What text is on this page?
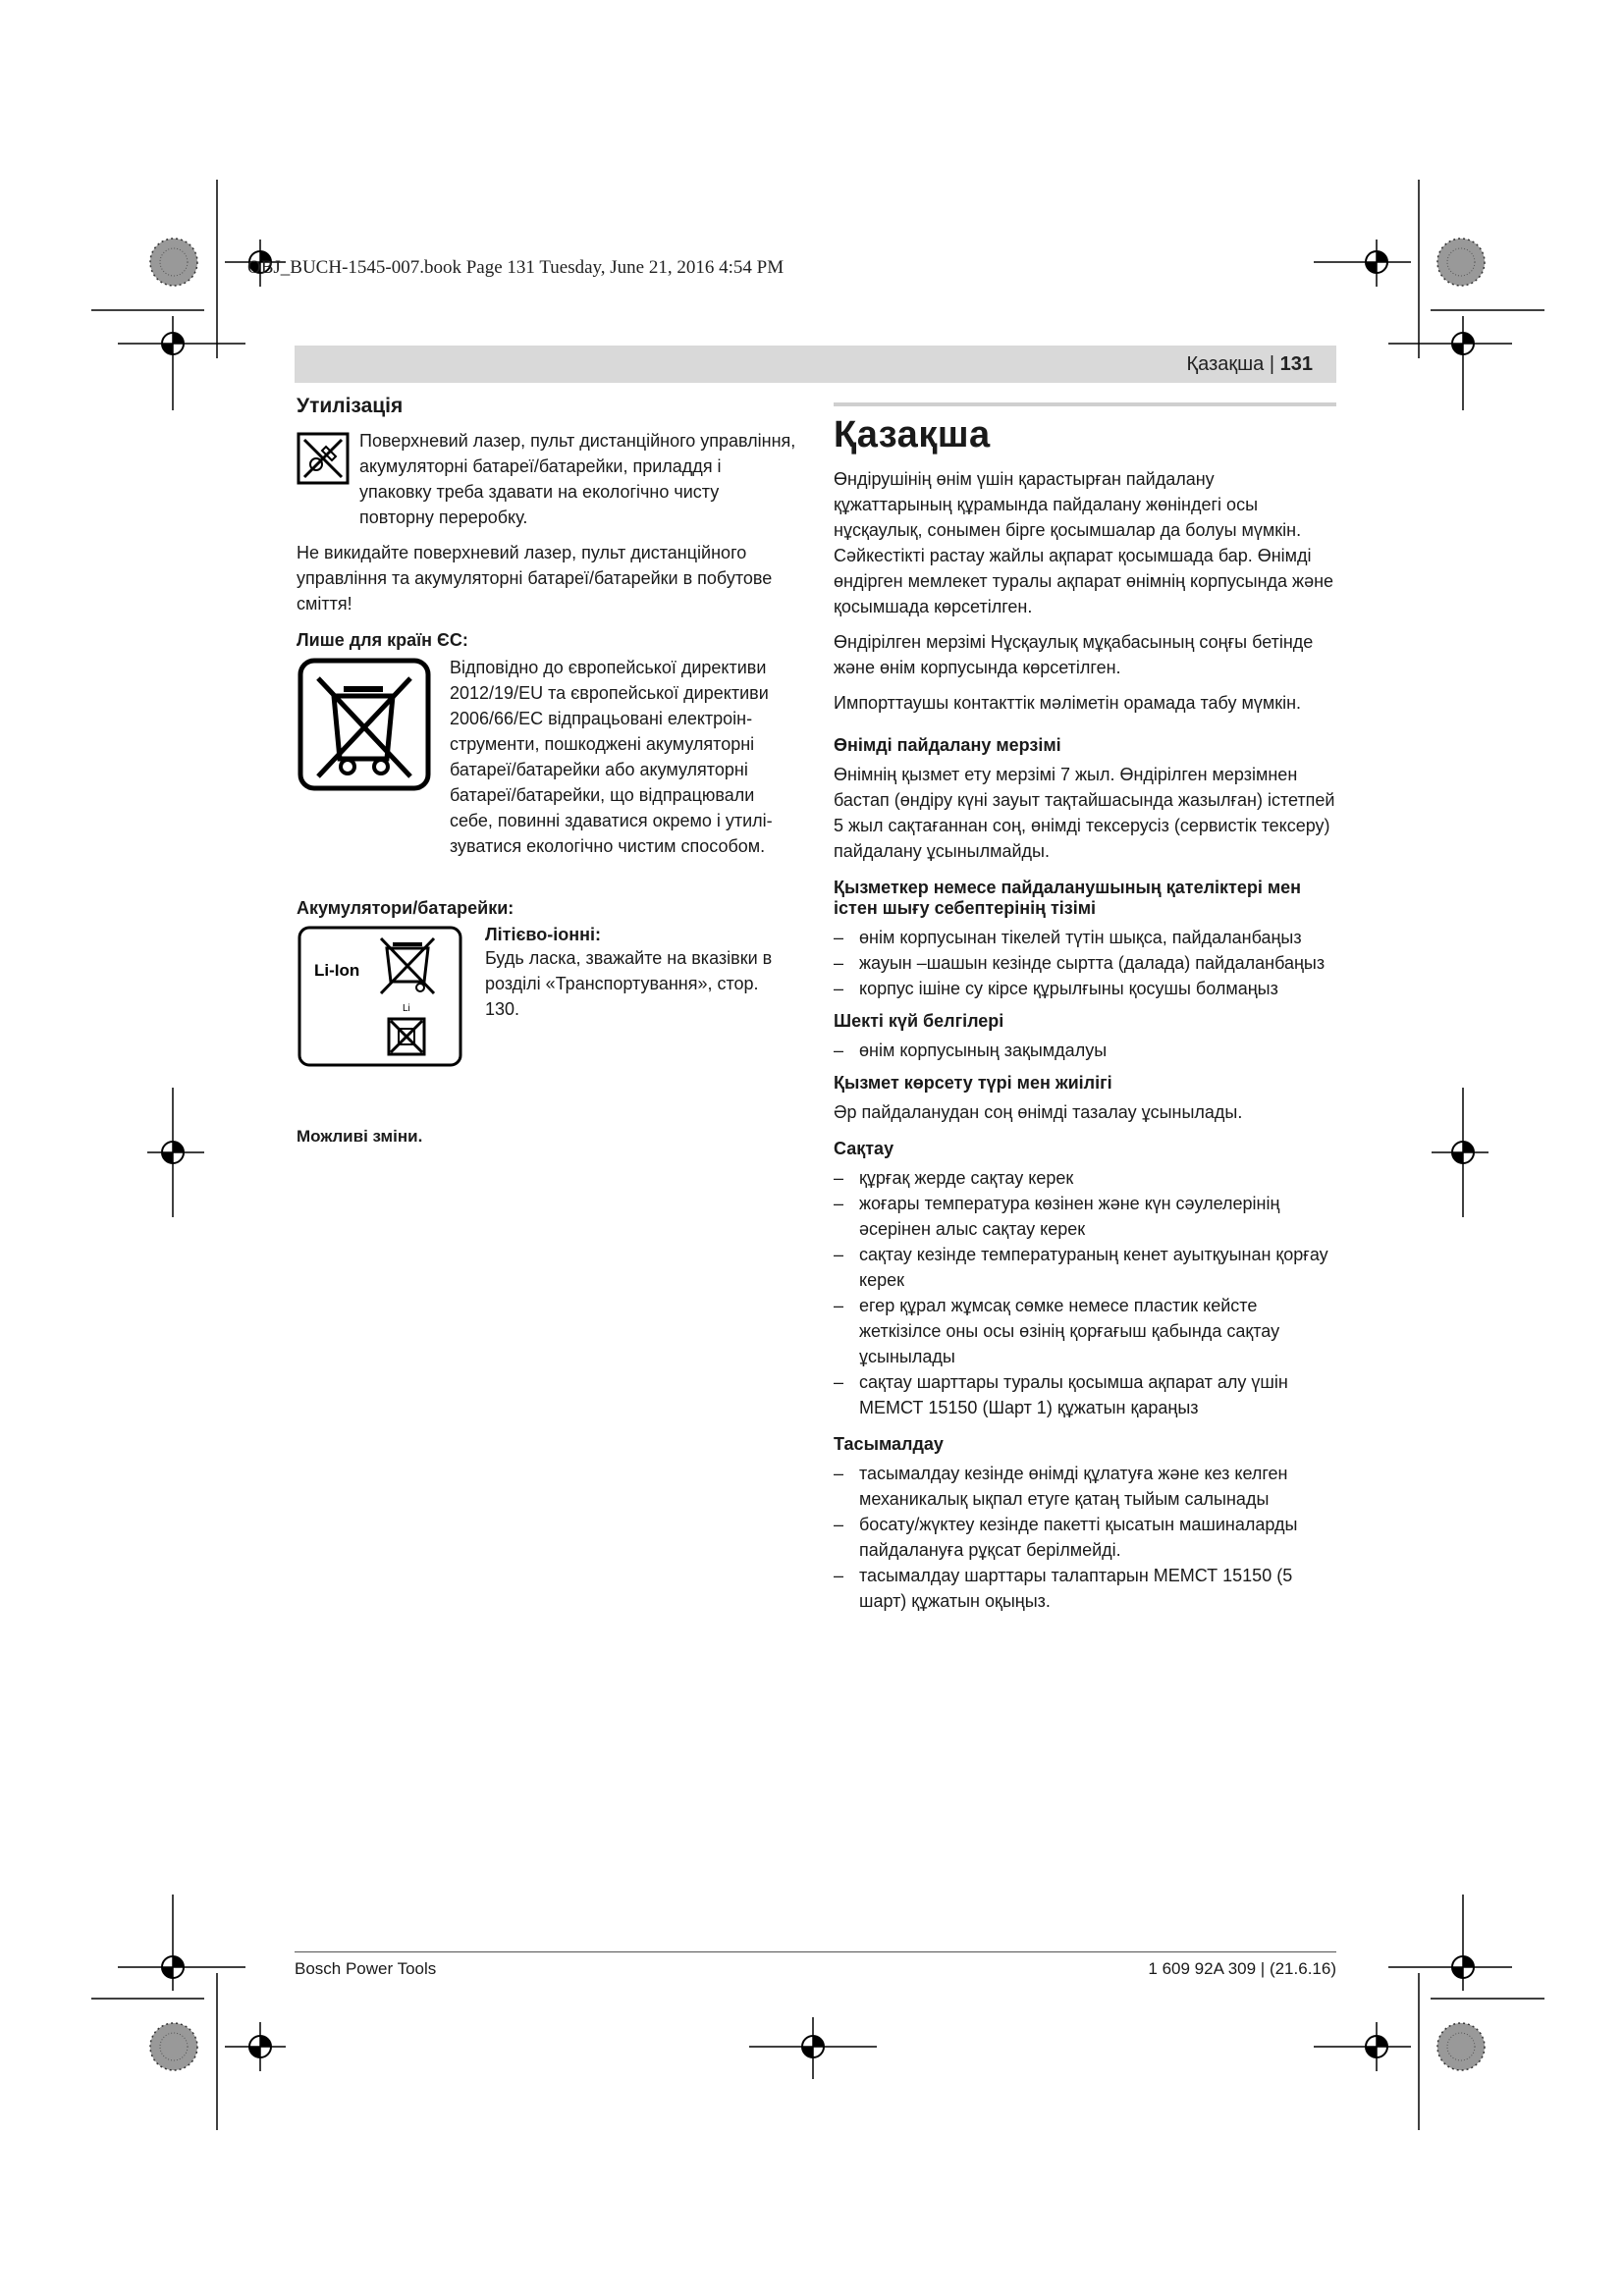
OBJ_BUCH-1545-007.book Page 131 Tuesday, June 21, 2016 4:54 PM
Қазақша | 131
Утилізація
Поверхневий лазер, пульт дистанційного управління, акумуляторні батареї/батарейки, приладдя і упаковку треба здавати на екологічно чисту повторну переробку.

Не викидайте поверхневий лазер, пульт дистанційного управління та акумуляторні батареї/батарейки в побутове сміття!

Лише для країн ЄС:
Відповідно до європейської директиви 2012/19/EU та європейської директиви 2006/66/EC відпрацьовані електроін-струменти, пошкоджені акумуляторні батареї/батарейки або акумуляторні батареї/батарейки, що відпрацювали себе, повинні здаватися окремо і утилі-зуватися екологічно чистим способом.
Акумулятори/батарейки:
Li-Ion
Li
Літієво-іонні:
Будь ласка, зважайте на вказівки в розділі «Транспортування», стор. 130.
Можливі зміни.
Қазақша

Өндірушінің өнім үшін қарастырған пайдалану құжаттарының құрамында пайдалану жөніндегі осы нұсқаулық, сонымен бірге қосымшалар да болуы мүмкін. Сәйкестікті растау жайлы ақпарат қосымшада бар. Өнімді өндірген мемлекет туралы ақпарат өнімнің корпусында және қосымшада көрсетілген.

Өндірілген мерзімі Нұсқаулық мұқабасының соңғы бетінде және өнім корпусында көрсетілген.

Импорттаушы контакттік мәліметін орамада табу мүмкін.

Өнімді пайдалану мерзімі

Өнімнің қызмет ету мерзімі 7 жыл. Өндірілген мерзімнен бастап (өндіру күні зауыт тақтайшасында жазылған) істетпей 5 жыл сақтағаннан соң, өнімді тексерусіз (сервистік тексеру) пайдалану ұсынылмайды.

Қызметкер немесе пайдаланушының қателіктері мен істен шығу себептерінің тізімі
– өнім корпусынан тікелей түтін шықса, пайдаланбаңыз
– жауын –шашын кезінде сыртта (далада) пайдаланбаңыз
– корпус ішіне су кірсе құрылғыны қосушы болмаңыз
Шекті күй белгілері
– өнім корпусының зақымдалуы
Қызмет көрсету түрі мен жиілігі

Әр пайдаланудан соң өнімді тазалау ұсынылады.

Сақтау
– құрғақ жерде сақтау керек
– жоғары температура көзінен және күн сәулелерінің әсерінен алыс сақтау керек
– сақтау кезінде температураның кенет ауытқуынан қорғау керек
– егер құрал жұмсақ сөмке немесе пластик кейсте жеткізілсе оны осы өзінің қорғағыш қабында сақтау ұсынылады
– сақтау шарттары туралы қосымша ақпарат алу үшін МЕМСТ 15150 (Шарт 1) құжатын қараңыз
Тасымалдау
– тасымалдау кезінде өнімді құлатуға және кез келген механикалық ықпал етуге қатаң тыйым салынады
– босату/жүктеу кезінде пакетті қысатын машиналарды пайдалануға рұқсат берілмейді.
– тасымалдау шарттары талаптарын МЕМСТ 15150 (5 шарт) құжатын оқыңыз.
Bosch Power Tools	1 609 92A 309 | (21.6.16)
